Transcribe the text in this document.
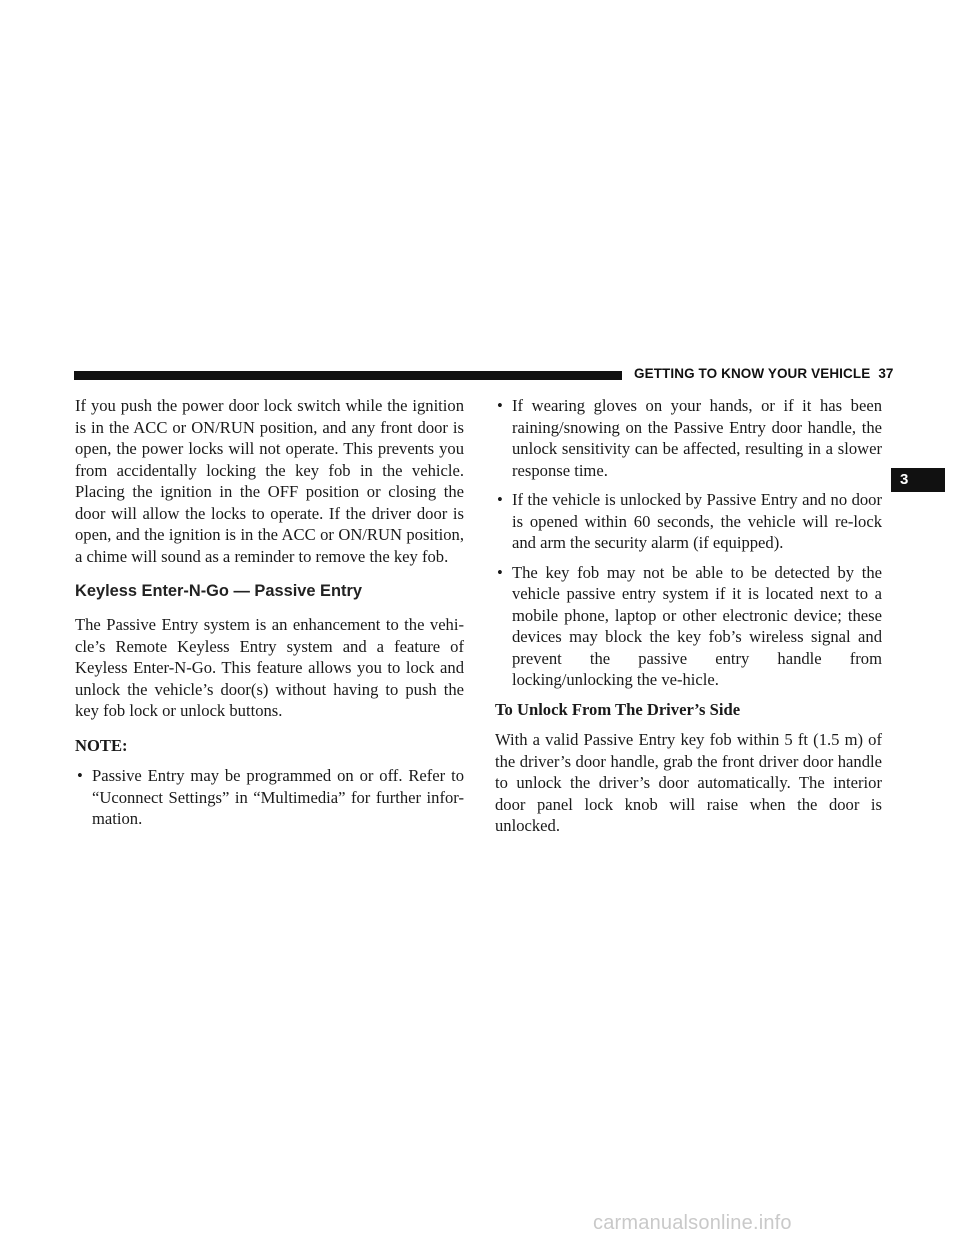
GETTING TO KNOW YOUR VEHICLE 37
3

If you push the power door lock switch while the ignition is in the ACC or ON/RUN position, and any front door is open, the power locks will not operate. This prevents you from accidentally locking the key fob in the vehicle. Placing the ignition in the OFF position or closing the door will allow the locks to operate. If the driver door is open, and the ignition is in the ACC or ON/RUN position, a chime will sound as a reminder to remove the key fob.

Keyless Enter-N-Go — Passive Entry

The Passive Entry system is an enhancement to the vehi-cle’s Remote Keyless Entry system and a feature of Keyless Enter-N-Go. This feature allows you to lock and unlock the vehicle’s door(s) without having to push the key fob lock or unlock buttons.

NOTE:

• Passive Entry may be programmed on or off. Refer to “Uconnect Settings” in “Multimedia” for further infor-mation.

• If wearing gloves on your hands, or if it has been raining/snowing on the Passive Entry door handle, the unlock sensitivity can be affected, resulting in a slower response time.

• If the vehicle is unlocked by Passive Entry and no door is opened within 60 seconds, the vehicle will re-lock and arm the security alarm (if equipped).

• The key fob may not be able to be detected by the vehicle passive entry system if it is located next to a mobile phone, laptop or other electronic device; these devices may block the key fob’s wireless signal and prevent the passive entry handle from locking/unlocking the ve-hicle.

To Unlock From The Driver’s Side

With a valid Passive Entry key fob within 5 ft (1.5 m) of the driver’s door handle, grab the front driver door handle to unlock the driver’s door automatically. The interior door panel lock knob will raise when the door is unlocked.

carmanualsonline.info
